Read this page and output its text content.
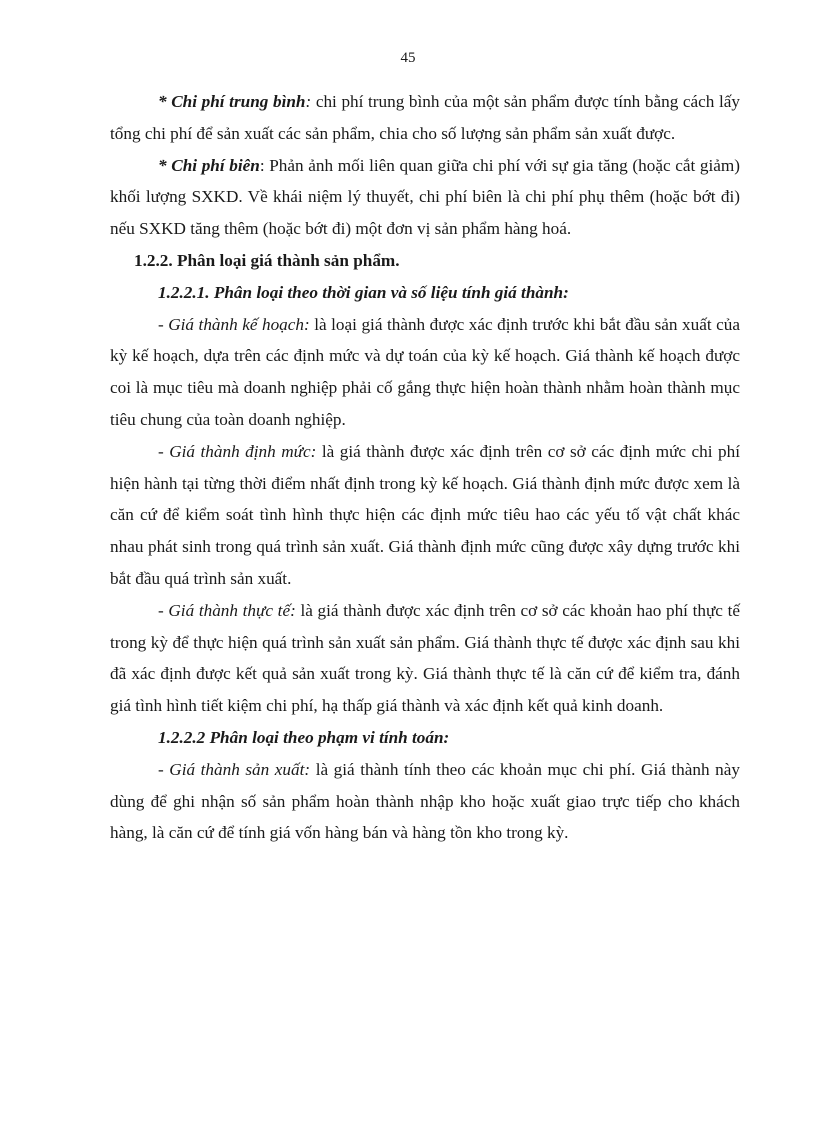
45

* Chi phí trung bình: chi phí trung bình của một sản phẩm được tính bằng cách lấy tổng chi phí để sản xuất các sản phẩm, chia cho số lượng sản phẩm sản xuất được.

* Chi phí biên: Phản ảnh mối liên quan giữa chi phí với sự gia tăng (hoặc cắt giảm) khối lượng SXKD. Về khái niệm lý thuyết, chi phí biên là chi phí phụ thêm (hoặc bớt đi) nếu SXKD tăng thêm (hoặc bớt đi) một đơn vị sản phẩm hàng hoá.

1.2.2. Phân loại giá thành sản phẩm.

1.2.2.1. Phân loại theo thời gian và số liệu tính giá thành:

- Giá thành kế hoạch: là loại giá thành được xác định trước khi bắt đầu sản xuất của kỳ kế hoạch, dựa trên các định mức và dự toán của kỳ kế hoạch. Giá thành kế hoạch được coi là mục tiêu mà doanh nghiệp phải cố gắng thực hiện hoàn thành nhằm hoàn thành mục tiêu chung của toàn doanh nghiệp.

- Giá thành định mức: là giá thành được xác định trên cơ sở các định mức chi phí hiện hành tại từng thời điểm nhất định trong kỳ kế hoạch. Giá thành định mức được xem là căn cứ để kiểm soát tình hình thực hiện các định mức tiêu hao các yếu tố vật chất khác nhau phát sinh trong quá trình sản xuất. Giá thành định mức cũng được xây dựng trước khi bắt đầu quá trình sản xuất.

- Giá thành thực tế: là giá thành được xác định trên cơ sở các khoản hao phí thực tế trong kỳ để thực hiện quá trình sản xuất sản phẩm. Giá thành thực tế được xác định sau khi đã xác định được kết quả sản xuất trong kỳ. Giá thành thực tế là căn cứ để kiểm tra, đánh giá tình hình tiết kiệm chi phí, hạ thấp giá thành và xác định kết quả kinh doanh.

1.2.2.2 Phân loại theo phạm vi tính toán:

- Giá thành sản xuất: là giá thành tính theo các khoản mục chi phí. Giá thành này dùng để ghi nhận số sản phẩm hoàn thành nhập kho hoặc xuất giao trực tiếp cho khách hàng, là căn cứ để tính giá vốn hàng bán và hàng tồn kho trong kỳ.
